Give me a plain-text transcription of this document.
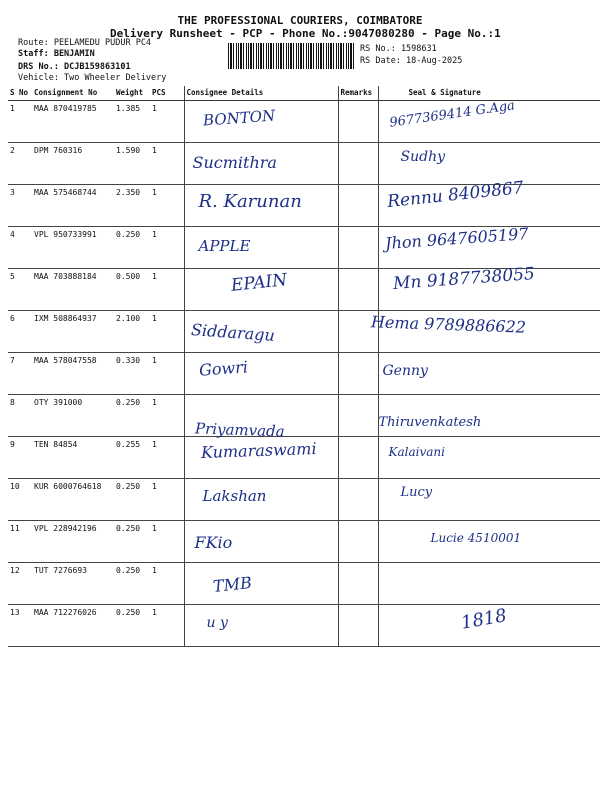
THE PROFESSIONAL COURIERS, COIMBATORE
Delivery Runsheet - PCP - Phone No.:9047080280 - Page No.:1
Route: PEELAMEDU PUDUR PC4
Staff: BENJAMIN
DRS No.: DCJB159863101
Vehicle: Two Wheeler Delivery
RS No.: 1598631
RS Date: 18-Aug-2025
S No	Consignment No	Weight	PCS	Consignee Details	Remarks	Seal & Signature
1	MAA 870419785	1.385	1	BONTON		9677369414 G.Aga

2	DPM 760316	1.590	1	Sucmithra		Sudhy

3	MAA 575468744	2.350	1	R. Karunan		Rennu 8409867

4	VPL 950733991	0.250	1	APPLE		Jhon 9647605197

5	MAA 703888184	0.500	1	EPAIN		Mn 9187738055

6	IXM 508864937	2.100	1	Siddaragu		Hema 9789886622

7	MAA 578047558	0.330	1	Gowri		Genny

8	OTY 391000	0.250	1	Priyamvada		Thiruvenkatesh

9	TEN 84854	0.255	1	Kumaraswami		Kalaivani

10	KUR 6000764618	0.250	1	Lakshan		Lucy

11	VPL 228942196	0.250	1	FKio		Lucie 4510001

12	TUT 7276693	0.250	1	TMB		

13	MAA 712276026	0.250	1	u y		1818
